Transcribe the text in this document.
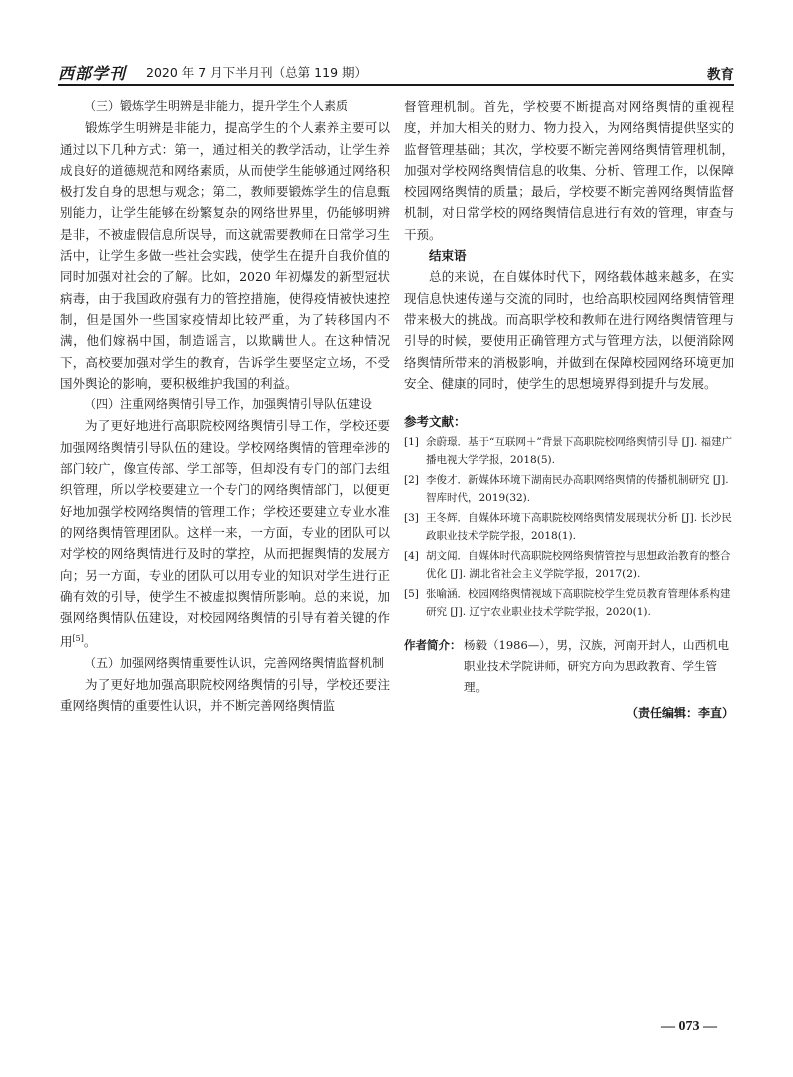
西部学刊 2020 年 7 月下半月刊（总第 119 期）	教育

（三）锻炼学生明辨是非能力，提升学生个人素质

锻炼学生明辨是非能力，提高学生的个人素养主要可以通过以下几种方式：第一，通过相关的教学活动，让学生养成良好的道德规范和网络素质，从而使学生能够通过网络积极打发自身的思想与观念；第二，教师要锻炼学生的信息甄别能力，让学生能够在纷繁复杂的网络世界里，仍能够明辨是非，不被虚假信息所误导，而这就需要教师在日常学习生活中，让学生多做一些社会实践，使学生在提升自我价值的同时加强对社会的了解。比如，2020 年初爆发的新型冠状病毒，由于我国政府强有力的管控措施，使得疫情被快速控制，但是国外一些国家疫情却比较严重，为了转移国内不满，他们嫁祸中国，制造谣言，以欺瞒世人。在这种情况下，高校要加强对学生的教育，告诉学生要坚定立场，不受国外舆论的影响，要积极维护我国的利益。

（四）注重网络舆情引导工作，加强舆情引导队伍建设

为了更好地进行高职院校网络舆情引导工作，学校还要加强网络舆情引导队伍的建设。学校网络舆情的管理牵涉的部门较广，像宣传部、学工部等，但却没有专门的部门去组织管理，所以学校要建立一个专门的网络舆情部门，以便更好地加强学校网络舆情的管理工作；学校还要建立专业水准的网络舆情管理团队。这样一来，一方面，专业的团队可以对学校的网络舆情进行及时的掌控，从而把握舆情的发展方向；另一方面，专业的团队可以用专业的知识对学生进行正确有效的引导，使学生不被虚拟舆情所影响。总的来说，加强网络舆情队伍建设，对校园网络舆情的引导有着关键的作用[5]。

（五）加强网络舆情重要性认识，完善网络舆情监督机制

为了更好地加强高职院校网络舆情的引导，学校还要注重网络舆情的重要性认识，并不断完善网络舆情监

督管理机制。首先，学校要不断提高对网络舆情的重视程度，并加大相关的财力、物力投入，为网络舆情提供坚实的监督管理基础；其次，学校要不断完善网络舆情管理机制，加强对学校网络舆情信息的收集、分析、管理工作，以保障校园网络舆情的质量；最后，学校要不断完善网络舆情监督机制，对日常学校的网络舆情信息进行有效的管理，审查与干预。

结束语

总的来说，在自媒体时代下，网络载体越来越多，在实现信息快速传递与交流的同时，也给高职校园网络舆情管理带来极大的挑战。而高职学校和教师在进行网络舆情管理与引导的时候，要使用正确管理方式与管理方法，以便消除网络舆情所带来的消极影响，并做到在保障校园网络环境更加安全、健康的同时，使学生的思想境界得到提升与发展。

参考文献：
[1] 余蔚璟．基于“互联网＋”背景下高职院校网络舆情引导 [J]. 福建广播电视大学学报，2018(5).
[2] 李俊才．新媒体环境下湖南民办高职网络舆情的传播机制研究 [J]. 智库时代，2019(32).
[3] 王冬辉．自媒体环境下高职院校网络舆情发展现状分析 [J]. 长沙民政职业技术学院学报，2018(1).
[4] 胡文闻．自媒体时代高职院校网络舆情管控与思想政治教育的整合优化 [J]. 湖北省社会主义学院学报，2017(2).
[5] 张喻涵．校园网络舆情视域下高职院校学生党员教育管理体系构建研究 [J]. 辽宁农业职业技术学院学报，2020(1).
作者简介： 杨毅（1986—），男，汉族，河南开封人，山西机电职业技术学院讲师，研究方向为思政教育、学生管理。
（责任编辑：李直）
— 073 —
